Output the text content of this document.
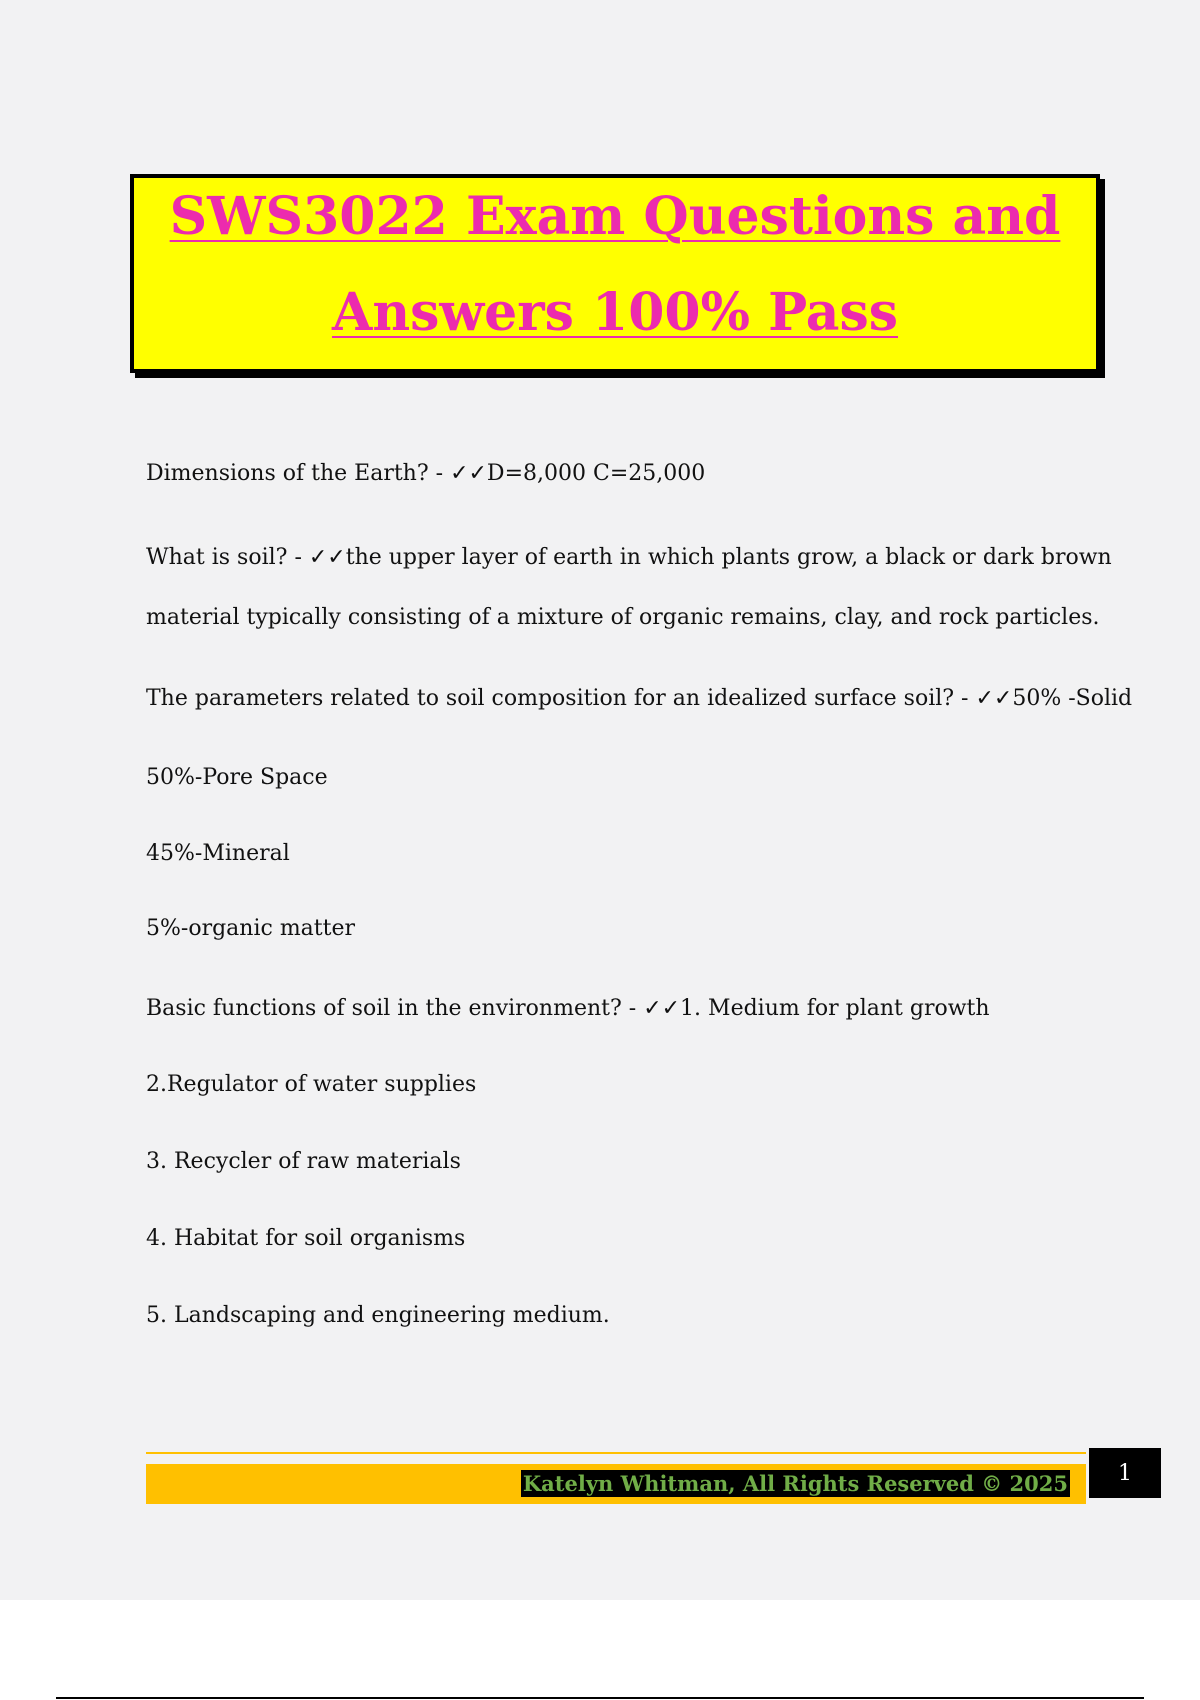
SWS3022 Exam Questions and
Answers 100% Pass
Dimensions of the Earth? - ✓✓D=8,000 C=25,000
What is soil? - ✓✓the upper layer of earth in which plants grow, a black or dark brown
material typically consisting of a mixture of organic remains, clay, and rock particles.
The parameters related to soil composition for an idealized surface soil? - ✓✓50% -Solid
50%-Pore Space
45%-Mineral
5%-organic matter
Basic functions of soil in the environment? - ✓✓1. Medium for plant growth
2.Regulator of water supplies
3. Recycler of raw materials
4. Habitat for soil organisms
5. Landscaping and engineering medium.
Katelyn Whitman, All Rights Reserved © 2025	1
